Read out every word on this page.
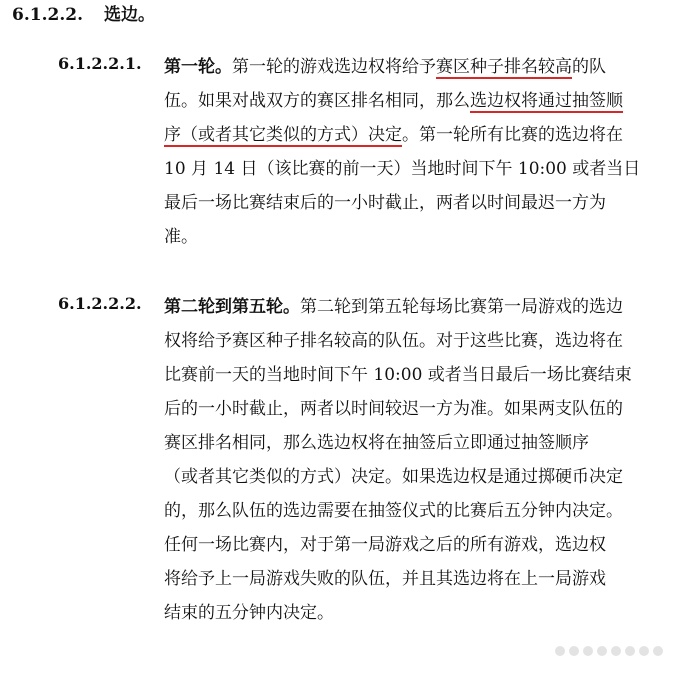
6.1.2.2. 选边。
6.1.2.2.1. 第一轮。第一轮的游戏选边权将给予赛区种子排名较高的队
伍。如果对战双方的赛区排名相同，那么选边权将通过抽签顺
序（或者其它类似的方式）决定。第一轮所有比赛的选边将在
10 月 14 日（该比赛的前一天）当地时间下午 10:00 或者当日
最后一场比赛结束后的一小时截止，两者以时间最迟一方为
准。
6.1.2.2.2. 第二轮到第五轮。第二轮到第五轮每场比赛第一局游戏的选边
权将给予赛区种子排名较高的队伍。对于这些比赛，选边将在
比赛前一天的当地时间下午 10:00 或者当日最后一场比赛结束
后的一小时截止，两者以时间较迟一方为准。如果两支队伍的
赛区排名相同，那么选边权将在抽签后立即通过抽签顺序
（或者其它类似的方式）决定。如果选边权是通过掷硬币决定
的，那么队伍的选边需要在抽签仪式的比赛后五分钟内决定。
任何一场比赛内，对于第一局游戏之后的所有游戏，选边权
将给予上一局游戏失败的队伍，并且其选边将在上一局游戏
结束的五分钟内决定。
